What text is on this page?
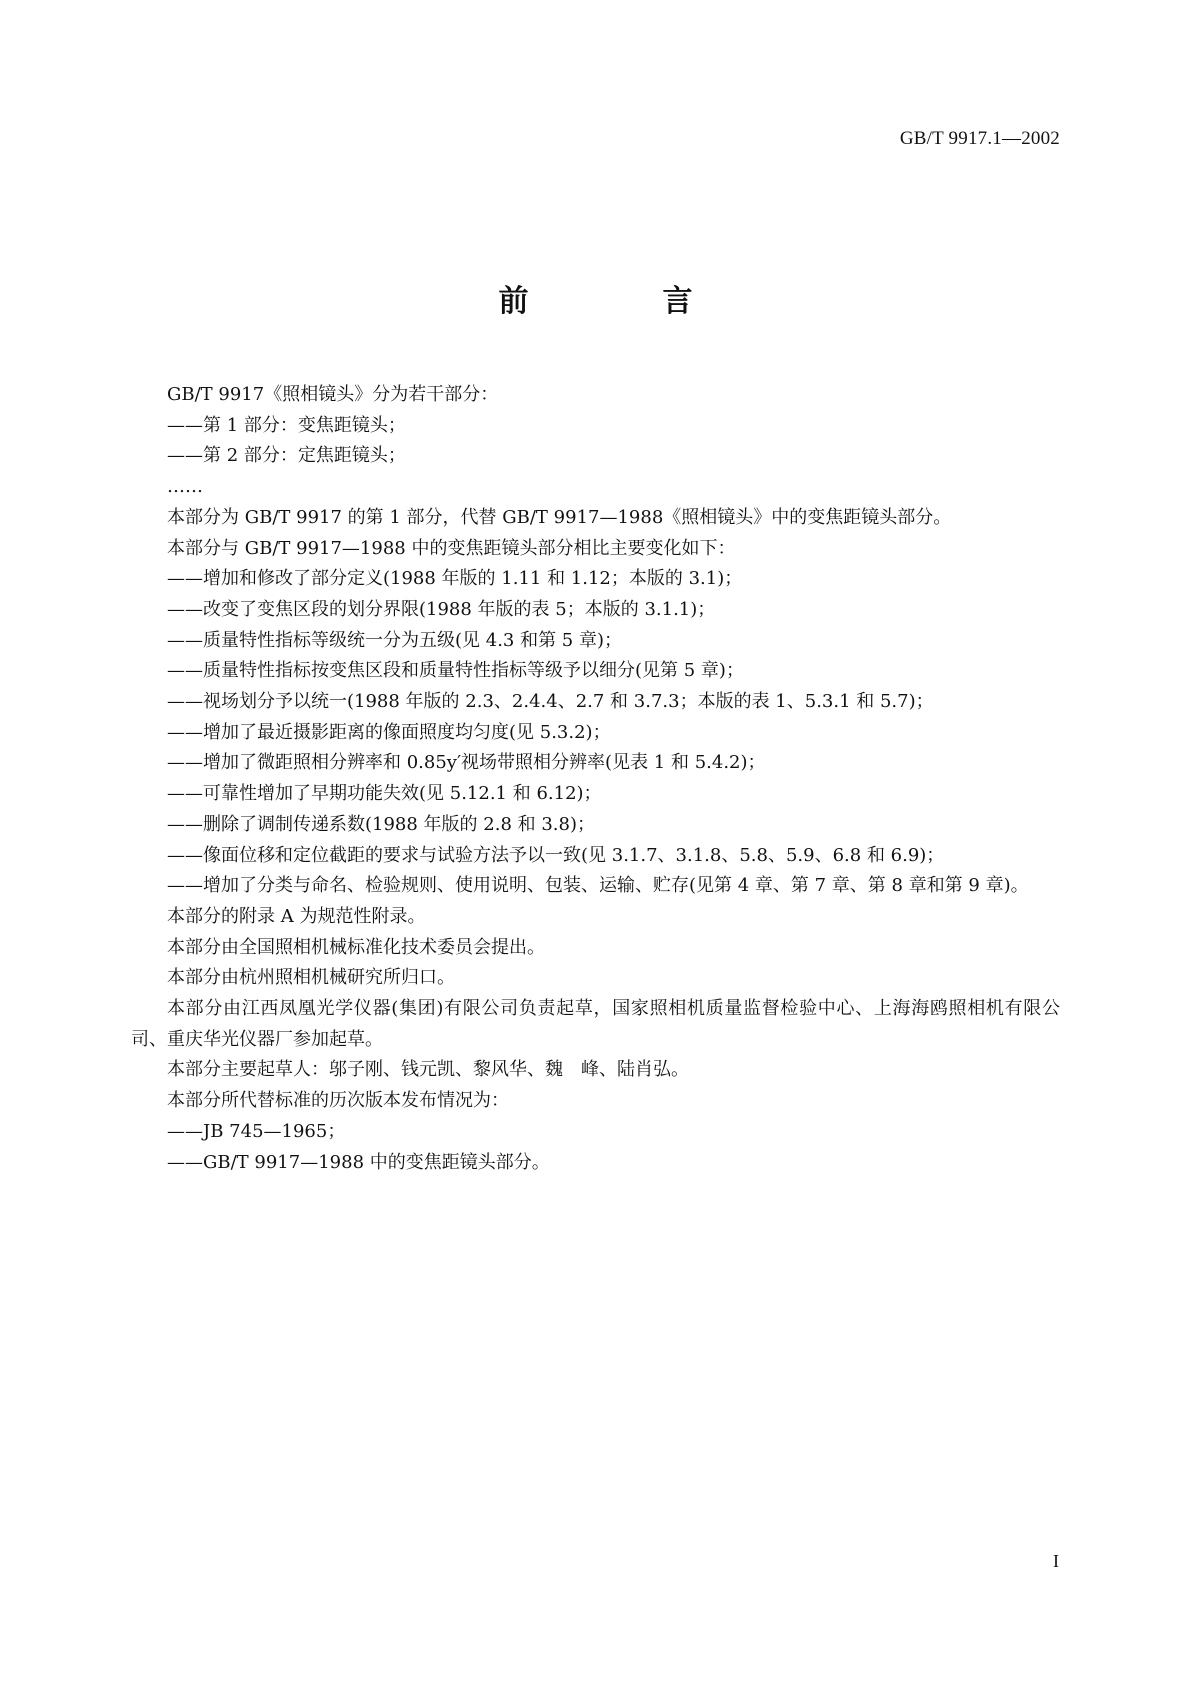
GB/T 9917.1—2002
前　言

GB/T 9917《照相镜头》分为若干部分：

——第 1 部分：变焦距镜头；

——第 2 部分：定焦距镜头；

……

本部分为 GB/T 9917 的第 1 部分，代替 GB/T 9917—1988《照相镜头》中的变焦距镜头部分。

本部分与 GB/T 9917—1988 中的变焦距镜头部分相比主要变化如下：

——增加和修改了部分定义(1988 年版的 1.11 和 1.12；本版的 3.1)；

——改变了变焦区段的划分界限(1988 年版的表 5；本版的 3.1.1)；

——质量特性指标等级统一分为五级(见 4.3 和第 5 章)；

——质量特性指标按变焦区段和质量特性指标等级予以细分(见第 5 章)；

——视场划分予以统一(1988 年版的 2.3、2.4.4、2.7 和 3.7.3；本版的表 1、5.3.1 和 5.7)；

——增加了最近摄影距离的像面照度均匀度(见 5.3.2)；

——增加了微距照相分辨率和 0.85y′视场带照相分辨率(见表 1 和 5.4.2)；

——可靠性增加了早期功能失效(见 5.12.1 和 6.12)；

——删除了调制传递系数(1988 年版的 2.8 和 3.8)；

——像面位移和定位截距的要求与试验方法予以一致(见 3.1.7、3.1.8、5.8、5.9、6.8 和 6.9)；

——增加了分类与命名、检验规则、使用说明、包装、运输、贮存(见第 4 章、第 7 章、第 8 章和第 9 章)。

本部分的附录 A 为规范性附录。

本部分由全国照相机械标准化技术委员会提出。

本部分由杭州照相机械研究所归口。

本部分由江西凤凰光学仪器(集团)有限公司负责起草，国家照相机质量监督检验中心、上海海鸥照相机有限公司、重庆华光仪器厂参加起草。

本部分主要起草人：邬子刚、钱元凯、黎风华、魏　峰、陆肖弘。

本部分所代替标准的历次版本发布情况为：

——JB 745—1965；

——GB/T 9917—1988 中的变焦距镜头部分。

I
